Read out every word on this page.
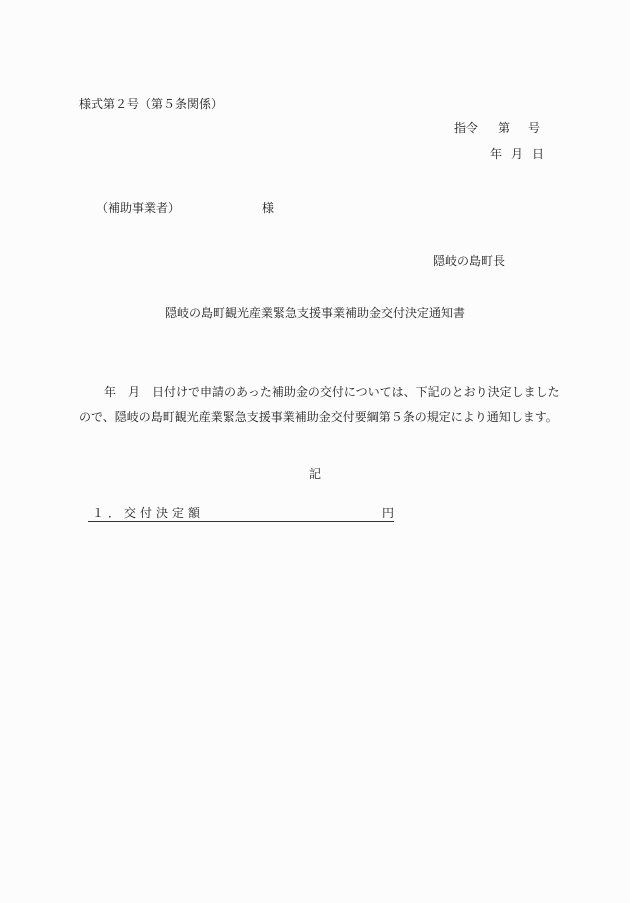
様式第２号（第５条関係）
指令 第 号
年 月 日
（補助事業者）	様
隠岐の島町長
隠岐の島町観光産業緊急支援事業補助金交付決定通知書
年　月　日付けで申請のあった補助金の交付については、下記のとおり決定しました
ので、隠岐の島町観光産業緊急支援事業補助金交付要綱第５条の規定により通知します。
記
１．交付決定額	円
